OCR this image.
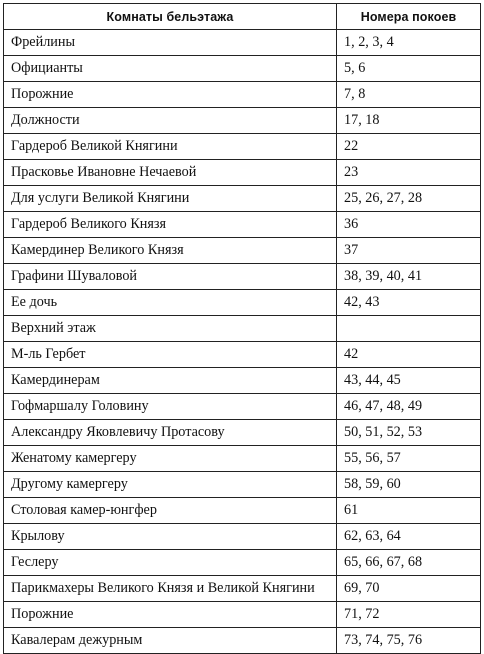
Комнаты бельэтажа	Номера покоев
Фрейлины	1, 2, 3, 4
Официанты	5, 6
Порожние	7, 8
Должности	17, 18
Гардероб Великой Княгини	22
Прасковье Ивановне Нечаевой	23
Для услуги Великой Княгини	25, 26, 27, 28
Гардероб Великого Князя	36
Камердинер Великого Князя	37
Графини Шуваловой	38, 39, 40, 41
Ее дочь	42, 43
Верхний этаж	
М-ль Гербет	42
Камердинерам	43, 44, 45
Гофмаршалу Головину	46, 47, 48, 49
Александру Яковлевичу Протасову	50, 51, 52, 53
Женатому камергеру	55, 56, 57
Другому камергеру	58, 59, 60
Столовая камер-юнгфер	61
Крылову	62, 63, 64
Геслеру	65, 66, 67, 68
Парикмахеры Великого Князя и Великой Княгини	69, 70
Порожние	71, 72
Кавалерам дежурным	73, 74, 75, 76
